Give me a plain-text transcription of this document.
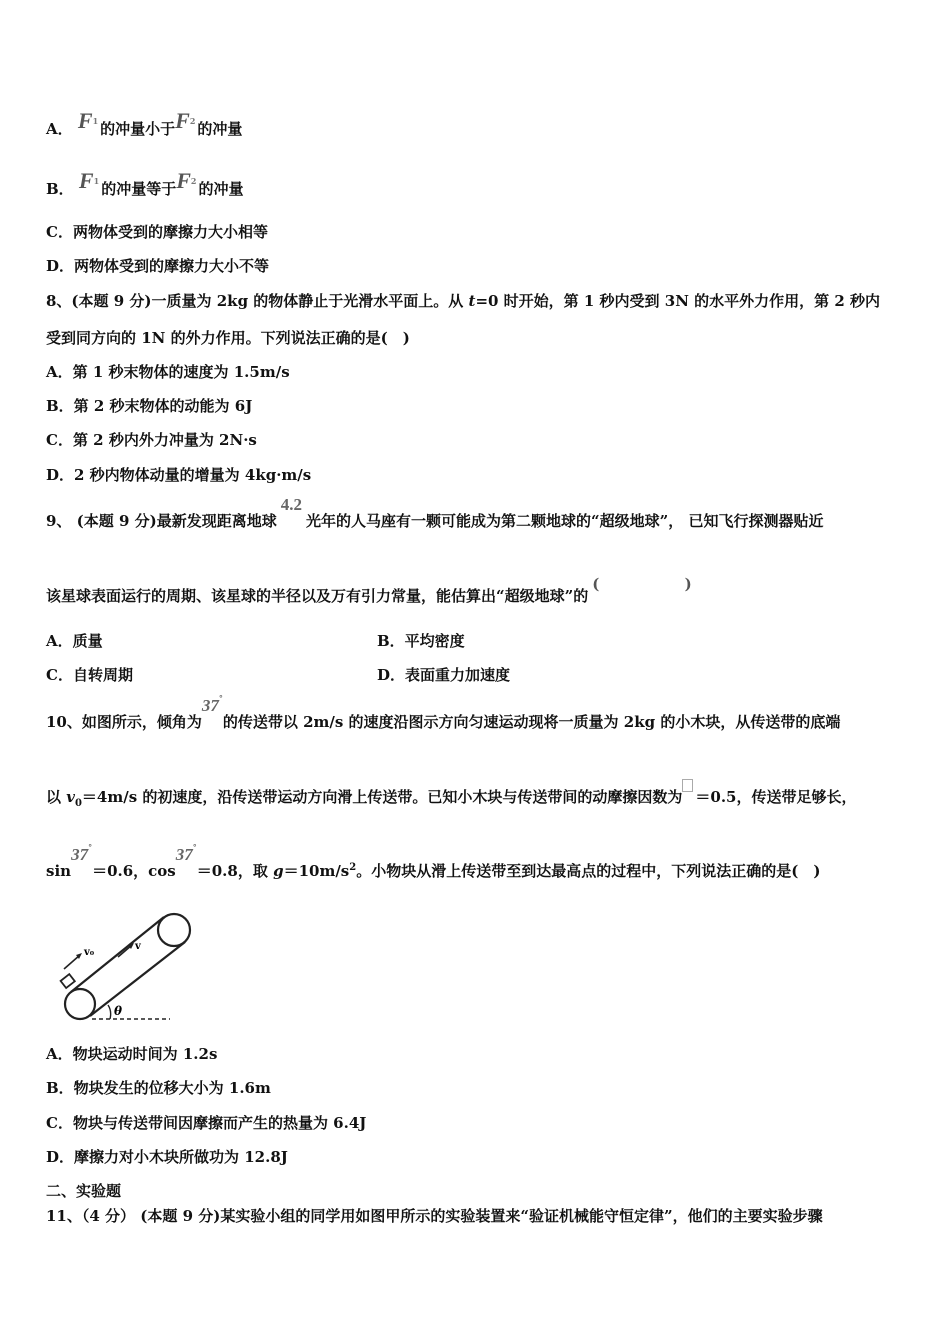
A． $F^1$ 的冲量小于$F^2$ 的冲量
B． $F^1$ 的冲量等于$F^2$ 的冲量
C．两物体受到的摩擦力大小相等
D．两物体受到的摩擦力大小不等
8、(本题 9 分)一质量为 2kg 的物体静止于光滑水平面上。从 t=0 时开始，第 1 秒内受到 3N 的水平外力作用，第 2 秒内
受到同方向的 1N 的外力作用。下列说法正确的是(　)
A．第 1 秒末物体的速度为 1.5m/s
B．第 2 秒末物体的动能为 6J
C．第 2 秒内外力冲量为 2N·s
D．2 秒内物体动量的增量为 4kg·m/s
9、 (本题 9 分)最新发现距离地球4.2光年的人马座有一颗可能成为第二颗地球的“超级地球”， 已知飞行探测器贴近
该星球表面运行的周期、该星球的半径以及万有引力常量，能估算出“超级地球”的( )
A．质量	B．平均密度
C．自转周期	D．表面重力加速度
10、如图所示，倾角为37°的传送带以 2m/s 的速度沿图示方向匀速运动现将一质量为 2kg 的小木块，从传送带的底端
以 $v_0=4m/s$ 的初速度，沿传送带运动方向滑上传送带。已知小木块与传送带间的动摩擦因数为 ＝0.5，传送带足够长，
sin37°＝0.6，cos37°＝0.8，取 $g=10m/s^2$。小物块从滑上传送带至到达最高点的过程中，下列说法正确的是(　)
v₀
v
θ
A．物块运动时间为 1.2s
B．物块发生的位移大小为 1.6m
C．物块与传送带间因摩擦而产生的热量为 6.4J
D．摩擦力对小木块所做功为 12.8J
二、实验题
11、（4 分） (本题 9 分)某实验小组的同学用如图甲所示的实验装置来“验证机械能守恒定律”，他们的主要实验步骤
